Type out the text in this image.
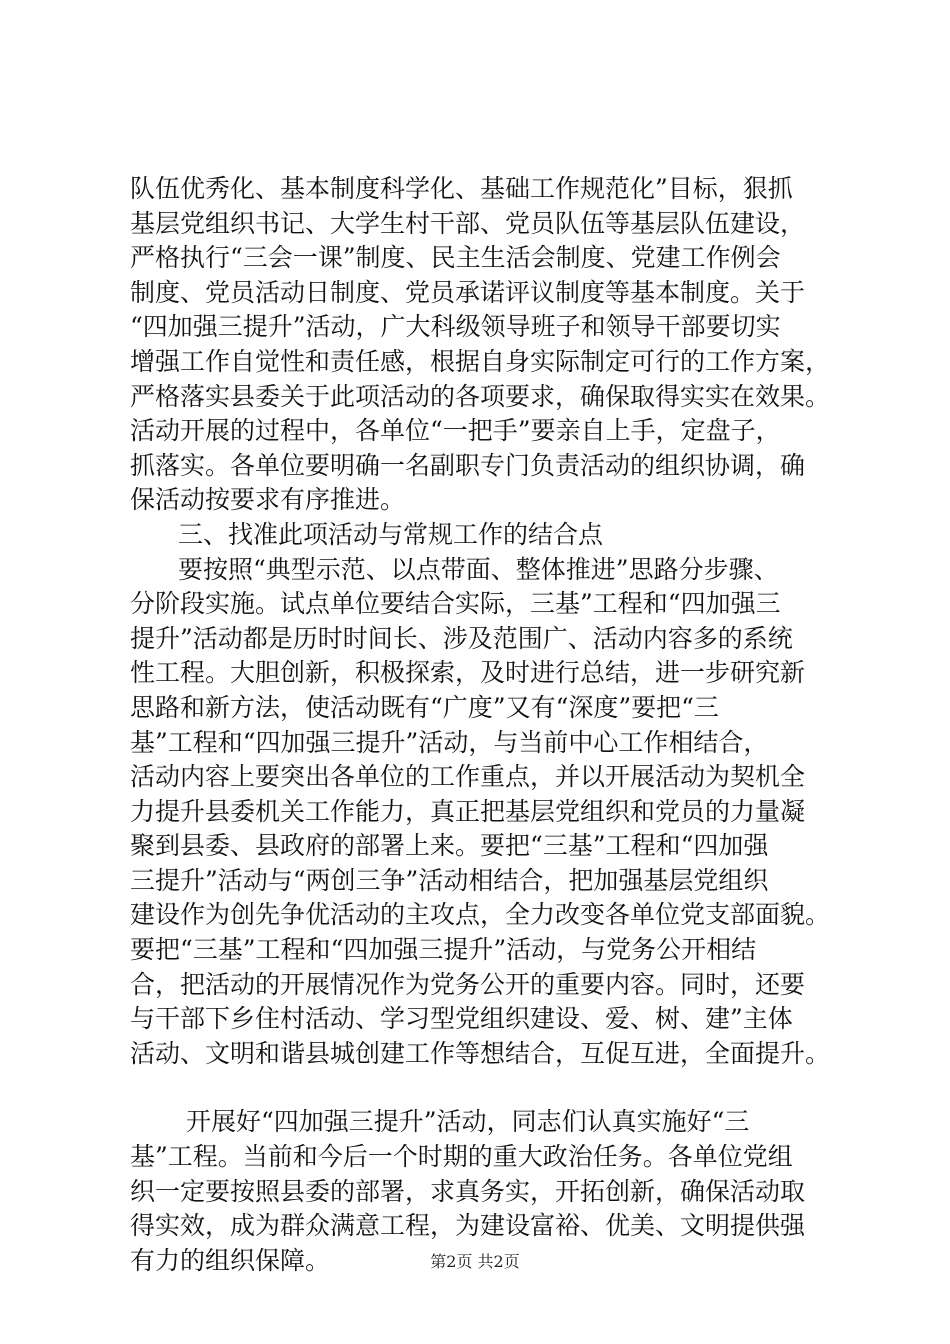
队伍优秀化、基本制度科学化、基础工作规范化”目标，狠抓
基层党组织书记、大学生村干部、党员队伍等基层队伍建设，
严格执行“三会一课”制度、民主生活会制度、党建工作例会
制度、党员活动日制度、党员承诺评议制度等基本制度。关于
“四加强三提升”活动，广大科级领导班子和领导干部要切实
增强工作自觉性和责任感，根据自身实际制定可行的工作方案，
严格落实县委关于此项活动的各项要求，确保取得实实在效果。
活动开展的过程中，各单位“一把手”要亲自上手，定盘子，
抓落实。各单位要明确一名副职专门负责活动的组织协调，确
保活动按要求有序推进。
三、找准此项活动与常规工作的结合点
要按照“典型示范、以点带面、整体推进”思路分步骤、
分阶段实施。试点单位要结合实际，三基”工程和“四加强三
提升”活动都是历时时间长、涉及范围广、活动内容多的系统
性工程。大胆创新，积极探索，及时进行总结，进一步研究新
思路和新方法，使活动既有“广度”又有“深度”要把“三
基”工程和“四加强三提升”活动，与当前中心工作相结合，
活动内容上要突出各单位的工作重点，并以开展活动为契机全
力提升县委机关工作能力，真正把基层党组织和党员的力量凝
聚到县委、县政府的部署上来。要把“三基”工程和“四加强
三提升”活动与“两创三争”活动相结合，把加强基层党组织
建设作为创先争优活动的主攻点，全力改变各单位党支部面貌。
要把“三基”工程和“四加强三提升”活动，与党务公开相结
合，把活动的开展情况作为党务公开的重要内容。同时，还要
与干部下乡住村活动、学习型党组织建设、爱、树、建”主体
活动、文明和谐县城创建工作等想结合，互促互进，全面提升。
开展好“四加强三提升”活动，同志们认真实施好“三
基”工程。当前和今后一个时期的重大政治任务。各单位党组
织一定要按照县委的部署，求真务实，开拓创新，确保活动取
得实效，成为群众满意工程，为建设富裕、优美、文明提供强
有力的组织保障。	第2页 共2页
